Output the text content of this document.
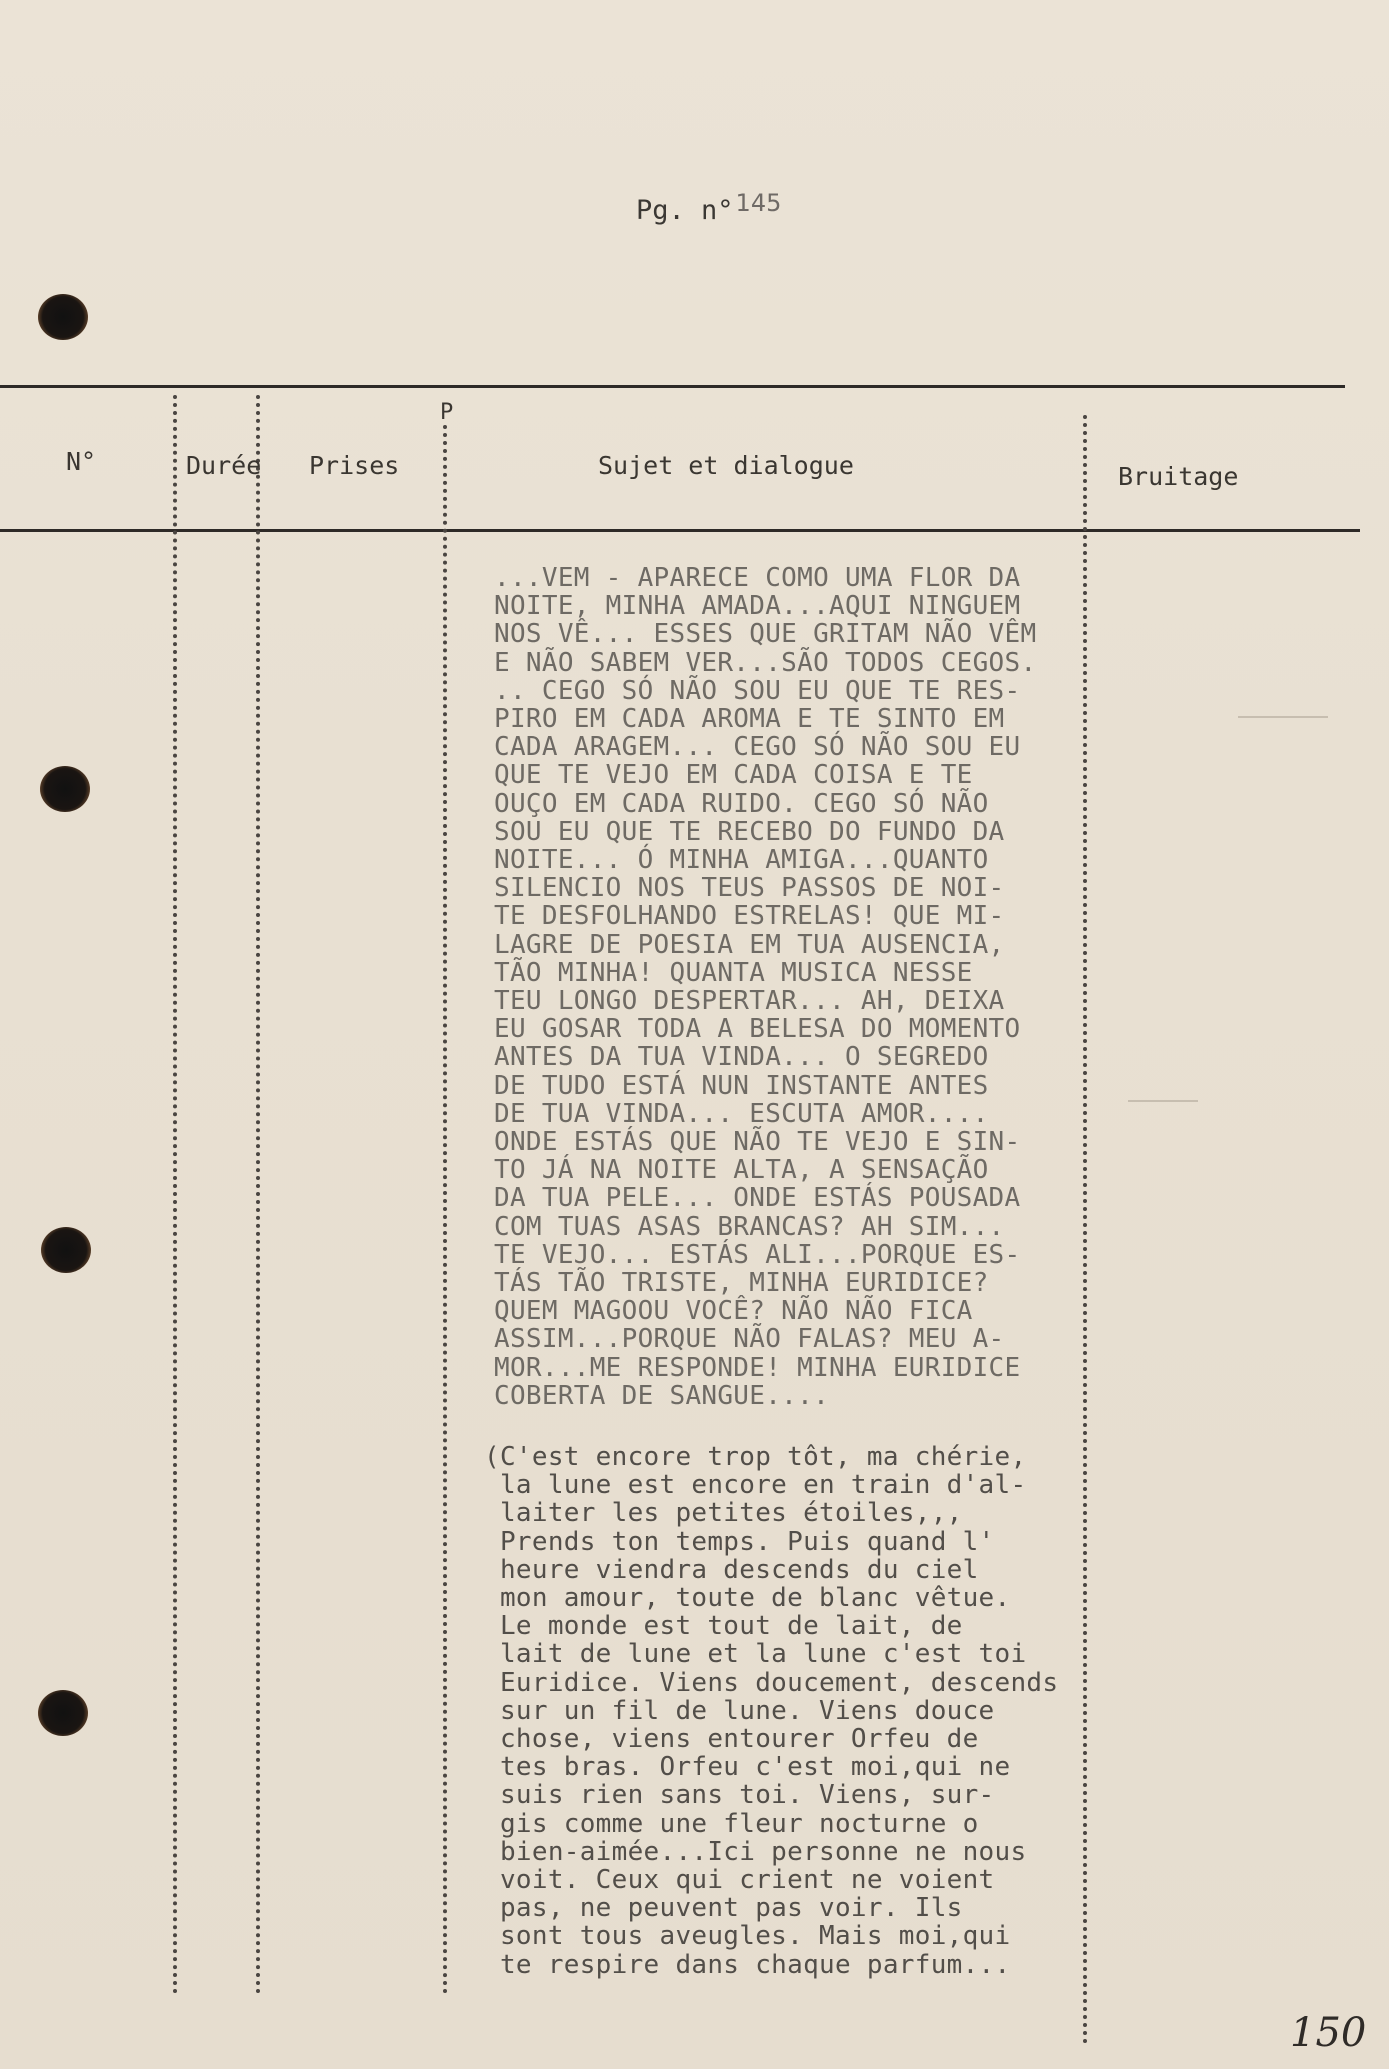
Pg. n°145
N°	Durée Prises
P
Sujet et dialogue	Bruitage
...VEM - APARECE COMO UMA FLOR DA
NOITE, MINHA AMADA...AQUI NINGUEM
NOS VÊ... ESSES QUE GRITAM NÃO VÊM
E NÃO SABEM VER...SÃO TODOS CEGOS.
.. CEGO SÓ NÃO SOU EU QUE TE RES-
PIRO EM CADA AROMA E TE SINTO EM
CADA ARAGEM... CEGO SÓ NÃO SOU EU
QUE TE VEJO EM CADA COISA E TE
OUÇO EM CADA RUIDO. CEGO SÓ NÃO
SOU EU QUE TE RECEBO DO FUNDO DA
NOITE... Ó MINHA AMIGA...QUANTO
SILENCIO NOS TEUS PASSOS DE NOI-
TE DESFOLHANDO ESTRELAS! QUE MI-
LAGRE DE POESIA EM TUA AUSENCIA,
TÃO MINHA! QUANTA MUSICA NESSE
TEU LONGO DESPERTAR... AH, DEIXA
EU GOSAR TODA A BELESA DO MOMENTO
ANTES DA TUA VINDA... O SEGREDO
DE TUDO ESTÁ NUN INSTANTE ANTES
DE TUA VINDA... ESCUTA AMOR....
ONDE ESTÁS QUE NÃO TE VEJO E SIN-
TO JÁ NA NOITE ALTA, A SENSAÇÃO
DA TUA PELE... ONDE ESTÁS POUSADA
COM TUAS ASAS BRANCAS? AH SIM...
TE VEJO... ESTÁS ALI...PORQUE ES-
TÁS TÃO TRISTE, MINHA EURIDICE?
QUEM MAGOOU VOCÊ? NÃO NÃO FICA
ASSIM...PORQUE NÃO FALAS? MEU A-
MOR...ME RESPONDE! MINHA EURIDICE
COBERTA DE SANGUE....
(C'est encore trop tôt, ma chérie,
la lune est encore en train d'al-
laiter les petites étoiles,,,
Prends ton temps. Puis quand l'
heure viendra descends du ciel
mon amour, toute de blanc vêtue.
Le monde est tout de lait, de
lait de lune et la lune c'est toi
Euridice. Viens doucement, descends
sur un fil de lune. Viens douce
chose, viens entourer Orfeu de
tes bras. Orfeu c'est moi,qui ne
suis rien sans toi. Viens, sur-
gis comme une fleur nocturne o
bien-aimée...Ici personne ne nous
voit. Ceux qui crient ne voient
pas, ne peuvent pas voir. Ils
sont tous aveugles. Mais moi,qui
te respire dans chaque parfum...
150
